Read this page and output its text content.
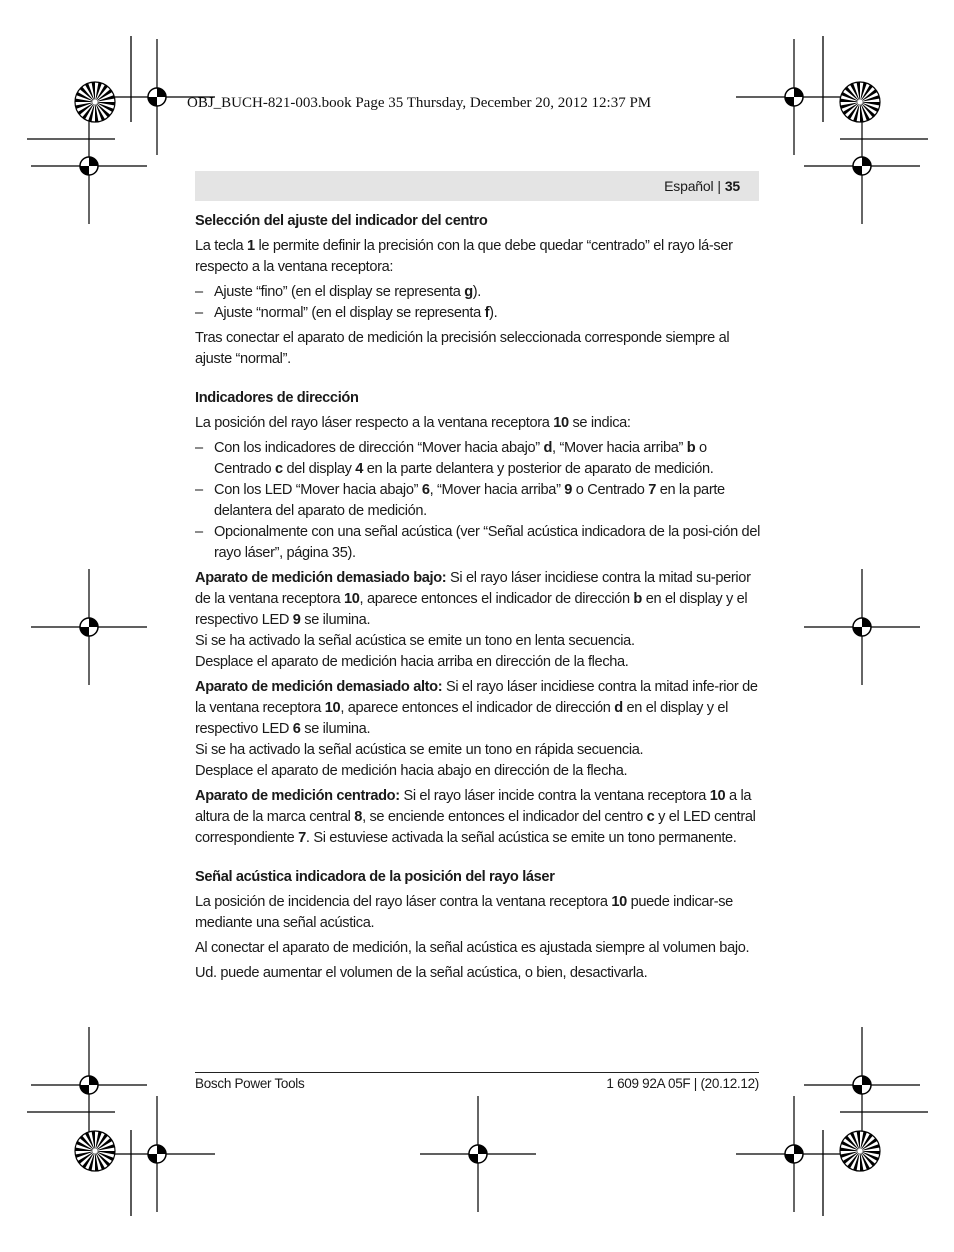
OBJ_BUCH-821-003.book Page 35 Thursday, December 20, 2012 12:37 PM
Español | 35
Selección del ajuste del indicador del centro

La tecla 1 le permite definir la precisión con la que debe quedar “centrado” el rayo lá-ser respecto a la ventana receptora:

– Ajuste “fino” (en el display se representa g).
– Ajuste “normal” (en el display se representa f).

Tras conectar el aparato de medición la precisión seleccionada corresponde siempre al ajuste “normal”.

Indicadores de dirección

La posición del rayo láser respecto a la ventana receptora 10 se indica:

– Con los indicadores de dirección “Mover hacia abajo” d, “Mover hacia arriba” b o Centrado c del display 4 en la parte delantera y posterior de aparato de medición.
– Con los LED “Mover hacia abajo” 6, “Mover hacia arriba” 9 o Centrado 7 en la parte delantera del aparato de medición.
– Opcionalmente con una señal acústica (ver “Señal acústica indicadora de la posi-ción del rayo láser”, página 35).

Aparato de medición demasiado bajo: Si el rayo láser incidiese contra la mitad su-perior de la ventana receptora 10, aparece entonces el indicador de dirección b en el display y el respectivo LED 9 se ilumina.

Si se ha activado la señal acústica se emite un tono en lenta secuencia.

Desplace el aparato de medición hacia arriba en dirección de la flecha.

Aparato de medición demasiado alto: Si el rayo láser incidiese contra la mitad infe-rior de la ventana receptora 10, aparece entonces el indicador de dirección d en el display y el respectivo LED 6 se ilumina.

Si se ha activado la señal acústica se emite un tono en rápida secuencia.

Desplace el aparato de medición hacia abajo en dirección de la flecha.

Aparato de medición centrado: Si el rayo láser incide contra la ventana receptora 10 a la altura de la marca central 8, se enciende entonces el indicador del centro c y el LED central correspondiente 7. Si estuviese activada la señal acústica se emite un tono permanente.

Señal acústica indicadora de la posición del rayo láser

La posición de incidencia del rayo láser contra la ventana receptora 10 puede indicar-se mediante una señal acústica.

Al conectar el aparato de medición, la señal acústica es ajustada siempre al volumen bajo.

Ud. puede aumentar el volumen de la señal acústica, o bien, desactivarla.

Bosch Power Tools	1 609 92A 05F | (20.12.12)
